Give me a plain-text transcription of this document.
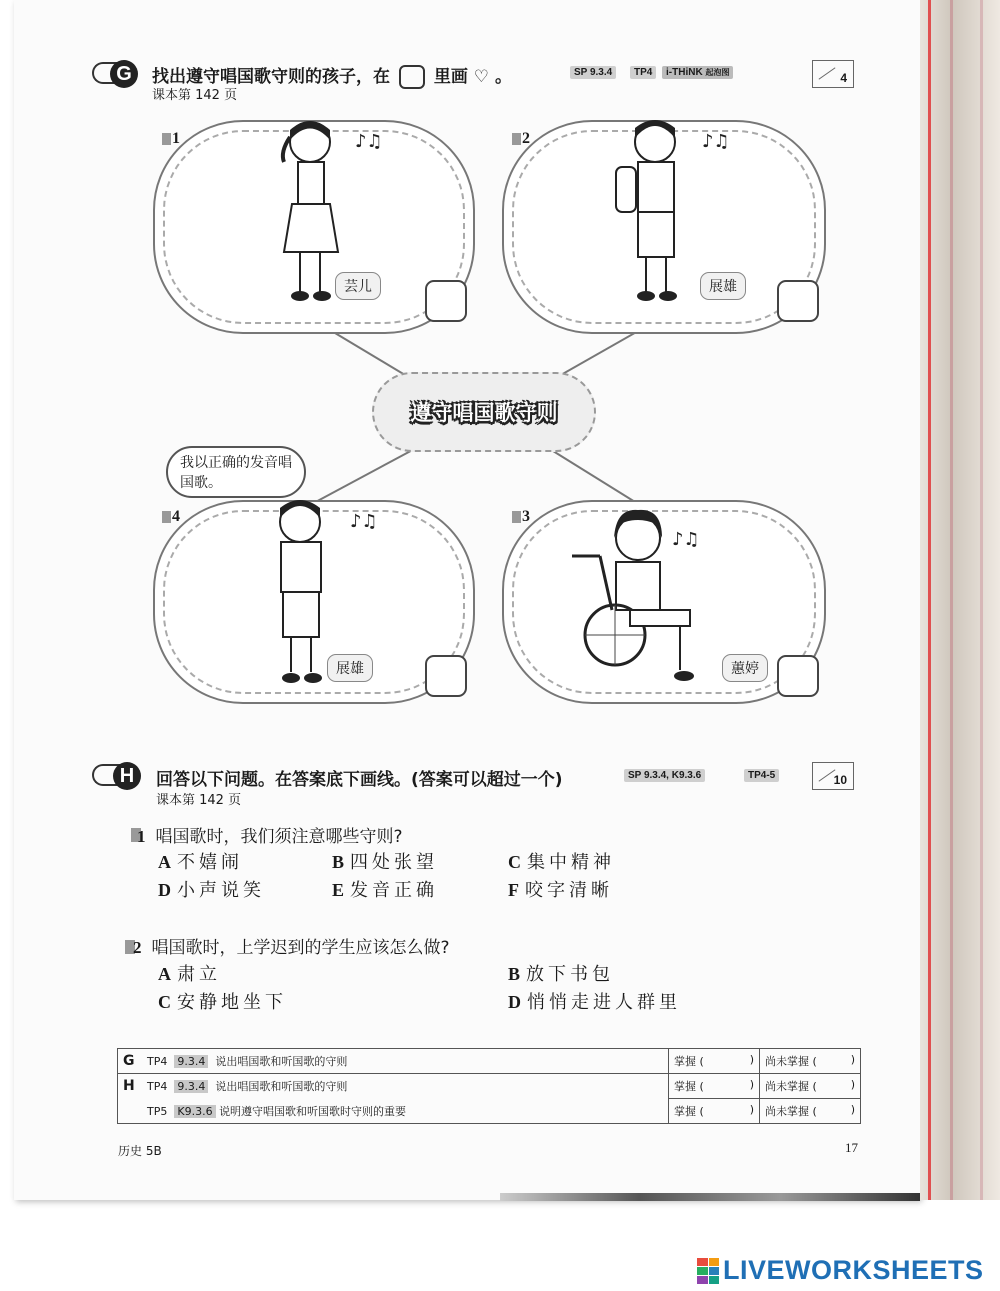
G	找出遵守唱国歌守则的孩子，在	里画 ♡ 。	SP 9.3.4	TP4	i-THiNK 起泡图
课本第 142 页
4
1	♪♫
芸儿
2	♪♫
展雄
遵守唱国歌守则
我以正确的发音唱国歌。
4	♪♫
展雄
3
♪♫
蕙婷
H	回答以下问题。在答案底下画线。(答案可以超过一个)	SP 9.3.4, K9.3.6	TP4-5
课本第 142 页
10
1 唱国歌时，我们须注意哪些守则?
A 不嬉闹	B 四处张望	C 集中精神
D 小声说笑	E 发音正确	F 咬字清晰
2 唱国歌时，上学迟到的学生应该怎么做?
A 肃立	B 放下书包
C 安静地坐下	D 悄悄走进人群里
G	TP4 9.3.4 说出唱国歌和听国歌的守则	掌握 ( )	尚未掌握 ( )

H	TP4 9.3.4 说出唱国歌和听国歌的守则	掌握 ( )	尚未掌握 ( )

	TP5 K9.3.6 说明遵守唱国歌和听国歌时守则的重要	掌握 ( )	尚未掌握 ( )
历史 5B	17
LIVEWORKSHEETS
